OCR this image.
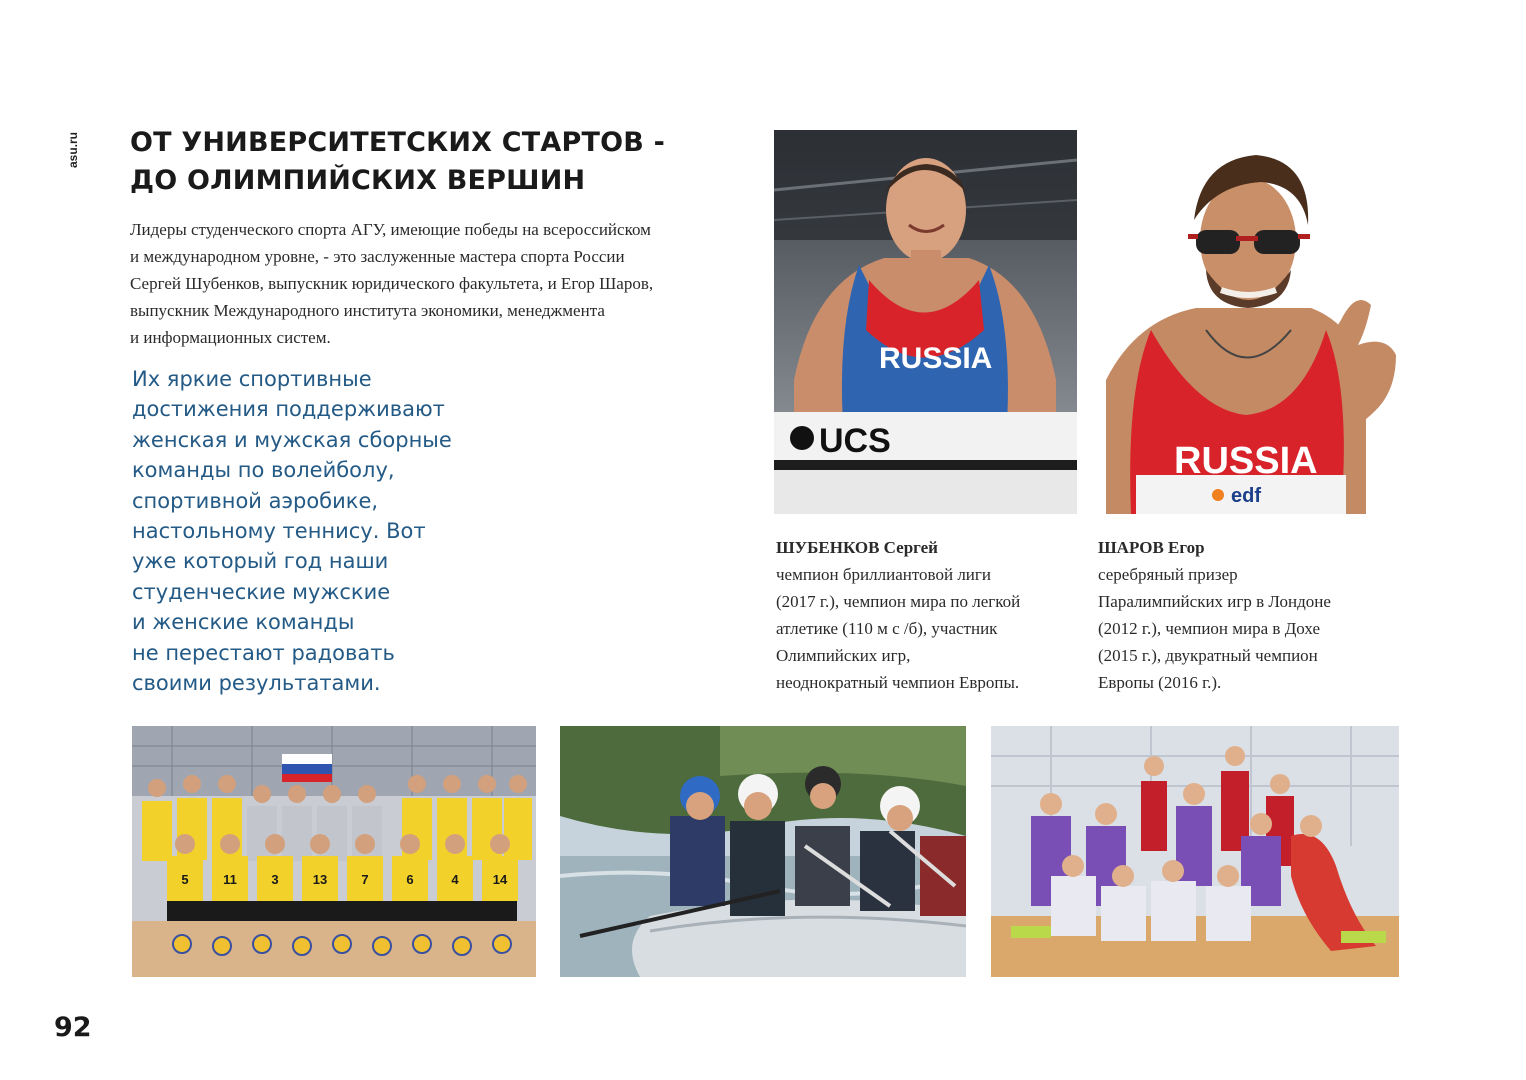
asu.ru ОТ УНИВЕРСИТЕТСКИХ СТАРТОВ -
ДО ОЛИМПИЙСКИХ ВЕРШИН

Лидеры студенческого спорта АГУ, имеющие победы на всероссийском
и международном уровне, - это заслуженные мастера спорта России
Сергей Шубенков, выпускник юридического факультета, и Егор Шаров,
выпускник Международного института экономики, менеджмента
и информационных систем.

Их яркие спортивные
достижения поддерживают
женская и мужская сборные
команды по волейболу,
спортивной аэробике,
настольному теннису. Вот
уже который год наши
студенческие мужские
и женские команды
не перестают радовать
своими результатами.

RUSSIA
UCS	RUSSIA
edf
ШУБЕНКОВ Сергей
чемпион бриллиантовой лиги
(2017 г.), чемпион мира по легкой
атлетике (110 м с /б), участник
Олимпийских игр,
неоднократный чемпион Европы.
ШАРОВ Егор
серебряный призер
Паралимпийских игр в Лондоне
(2012 г.), чемпион мира в Дохе
(2015 г.), двукратный чемпион
Европы (2016 г.).
5	11	3	13	7	6	4	14
92
